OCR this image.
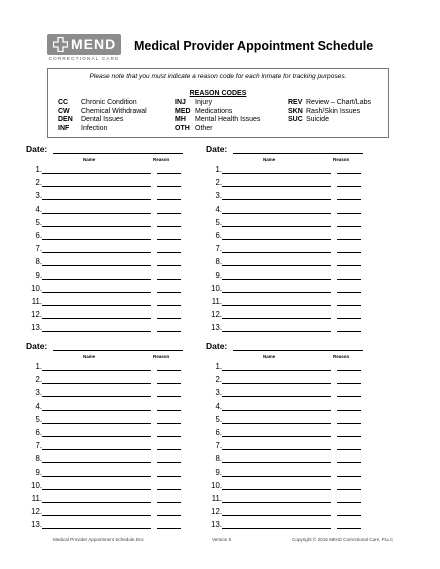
MEND
CORRECTIONAL CARE
Medical Provider Appointment Schedule
Please note that you must indicate a reason code for each inmate for tracking purposes.
REASON CODES
CC Chronic Condition
CW Chemical Withdrawal
DEN Dental Issues
INF Infection
INJ Injury
MED Medications
MH Mental Health Issues
OTH Other
REV Review – Chart/Labs
SKN Rash/Skin Issues
SUC Suicide
Date:
Name	Reason
1.
2.
3.
4.
5.
6.
7.
8.
9.
10.
11.
12.
13.
Date:
Name	Reason
1.
2.
3.
4.
5.
6.
7.
8.
9.
10.
11.
12.
13.
Date:
Name	Reason
1.
2.
3.
4.
5.
6.
7.
8.
9.
10.
11.
12.
13.
Date:
Name	Reason
1.
2.
3.
4.
5.
6.
7.
8.
9.
10.
11.
12.
13.
Medical Provider Appointment Schedule.Doc	Version 5	Copyright © 2015 MEnD Correctional Care, PLLC
